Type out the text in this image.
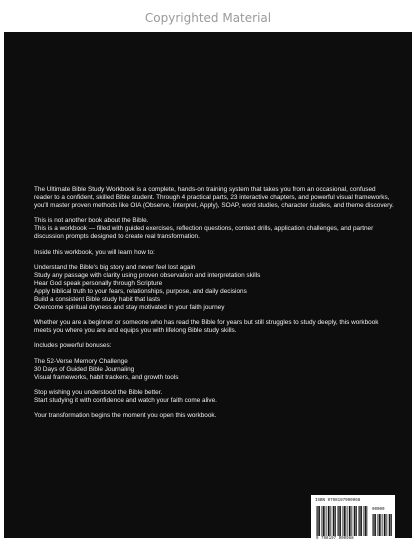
Copyrighted Material

The Ultimate Bible Study Workbook is a complete, hands-on training system that takes you from an occasional, confused reader to a confident, skilled Bible student. Through 4 practical parts, 23 interactive chapters, and powerful visual frameworks, you'll master proven methods like OIA (Observe, Interpret, Apply), SOAP, word studies, character studies, and theme discovery.

This is not another book about the Bible.
This is a workbook — filled with guided exercises, reflection questions, context drills, application challenges, and partner discussion prompts designed to create real transformation.

Inside this workbook, you will learn how to:

Understand the Bible's big story and never feel lost again
Study any passage with clarity using proven observation and interpretation skills
Hear God speak personally through Scripture
Apply biblical truth to your fears, relationships, purpose, and daily decisions
Build a consistent Bible study habit that lasts
Overcome spiritual dryness and stay motivated in your faith journey

Whether you are a beginner or someone who has read the Bible for years but still struggles to study deeply, this workbook meets you where you are and equips you with lifelong Bible study skills.

Includes powerful bonuses:

The 52-Verse Memory Challenge
30 Days of Guided Bible Journaling
Visual frameworks, habit trackers, and growth tools

Stop wishing you understood the Bible better.
Start studying it with confidence and watch your faith come alive.

Your transformation begins the moment you open this workbook.

ISBN 9798197900968
90000
9 798197 900968
